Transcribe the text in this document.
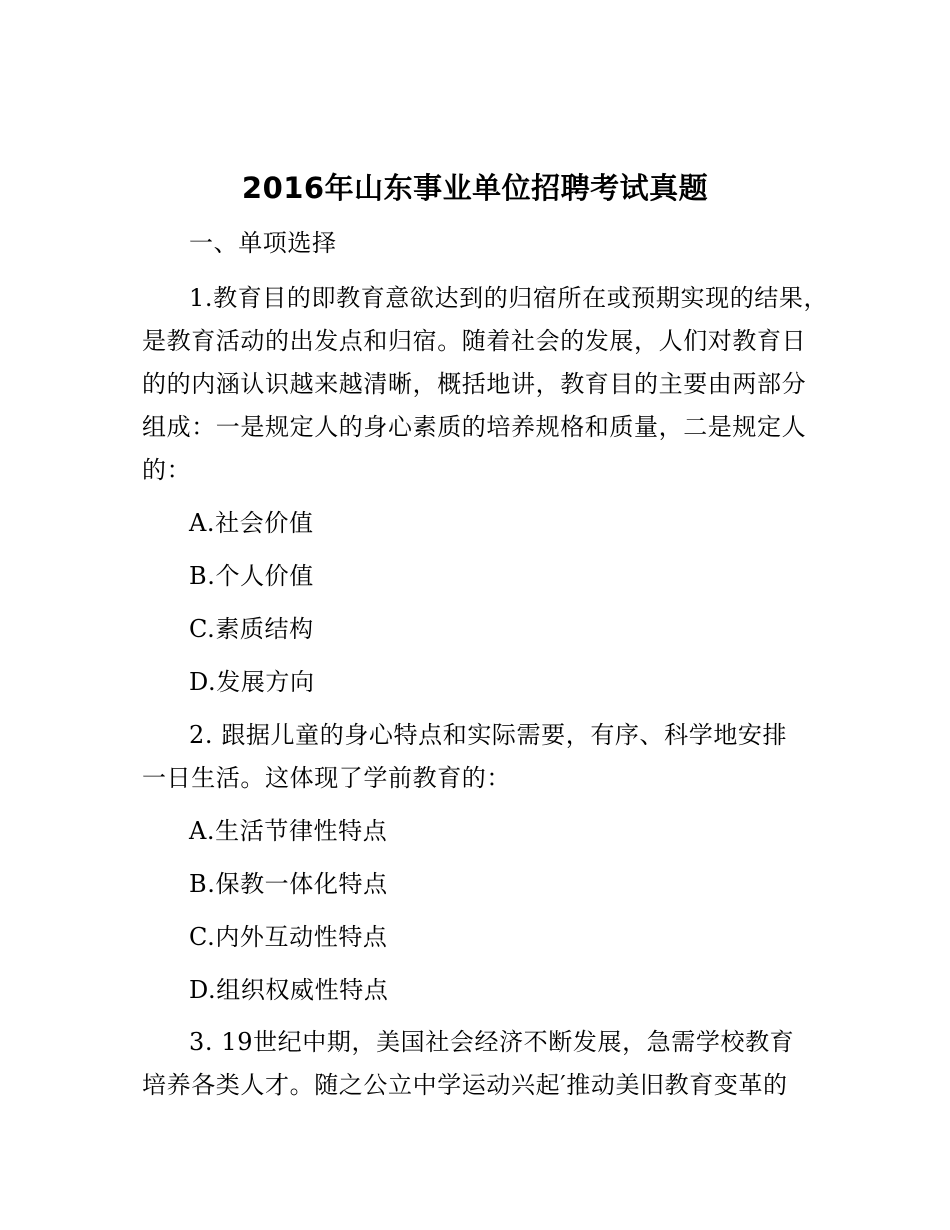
2016年山东事业单位招聘考试真题
一、单项选择
1.教育目的即教育意欲达到的归宿所在或预期实现的结果，
是教育活动的出发点和归宿。随着社会的发展，人们对教育日
的的内涵认识越来越清晰，概括地讲，教育目的主要由两部分
组成：一是规定人的身心素质的培养规格和质量，二是规定人
的：
A.社会价值
B.个人价值
C.素质结构
D.发展方向
2. 跟据儿童的身心特点和实际需要，有序、科学地安排
一日生活。这体现了学前教育的：
A.生活节律性特点
B.保教一体化特点
C.内外互动性特点
D.组织权威性特点
3. 19世纪中期，美国社会经济不断发展，急需学校教育
培养各类人才。随之公立中学运动兴起′推动美旧教育变革的
